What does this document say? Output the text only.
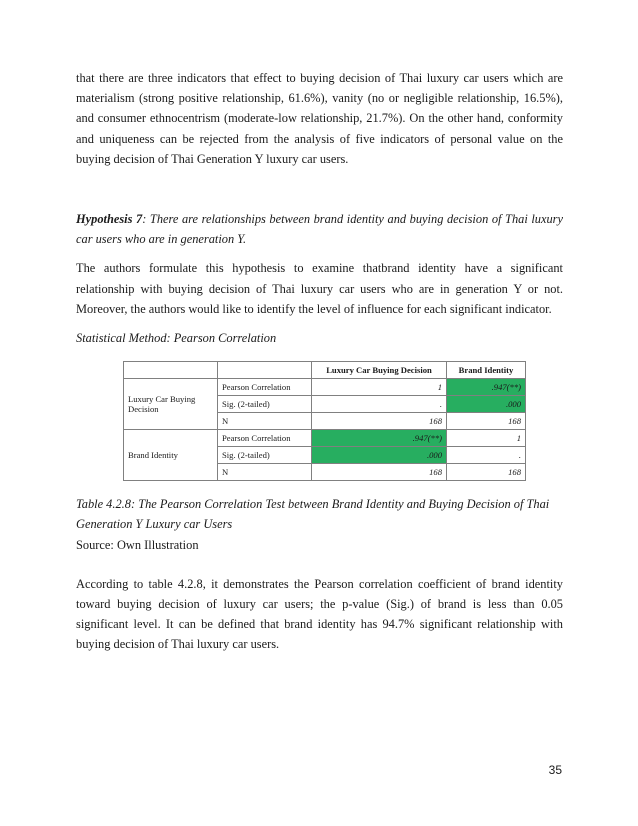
that there are three indicators that effect to buying decision of Thai luxury car users which are materialism (strong positive relationship, 61.6%), vanity (no or negligible relationship, 16.5%), and consumer ethnocentrism (moderate-low relationship, 21.7%). On the other hand, conformity and uniqueness can be rejected from the analysis of five indicators of personal value on the buying decision of Thai Generation Y luxury car users.

Hypothesis 7: There are relationships between brand identity and buying decision of Thai luxury car users who are in generation Y.

The authors formulate this hypothesis to examine thatbrand identity have a significant relationship with buying decision of Thai luxury car users who are in generation Y or not. Moreover, the authors would like to identify the level of influence for each significant indicator.

Statistical Method: Pearson Correlation

		Luxury Car Buying Decision	Brand Identity
Luxury Car Buying Decision	Pearson Correlation	1	.947(**)
	Sig. (2-tailed)	.	.000
	N	168	168
Brand Identity	Pearson Correlation	.947(**)	1
	Sig. (2-tailed)	.000	.
	N	168	168

Table 4.2.8: The Pearson Correlation Test between Brand Identity and Buying Decision of Thai Generation Y Luxury car Users

Source: Own Illustration

According to table 4.2.8, it demonstrates the Pearson correlation coefficient of brand identity toward buying decision of luxury car users; the p-value (Sig.) of brand is less than 0.05 significant level. It can be defined that brand identity has 94.7% significant relationship with buying decision of Thai luxury car users.

35
